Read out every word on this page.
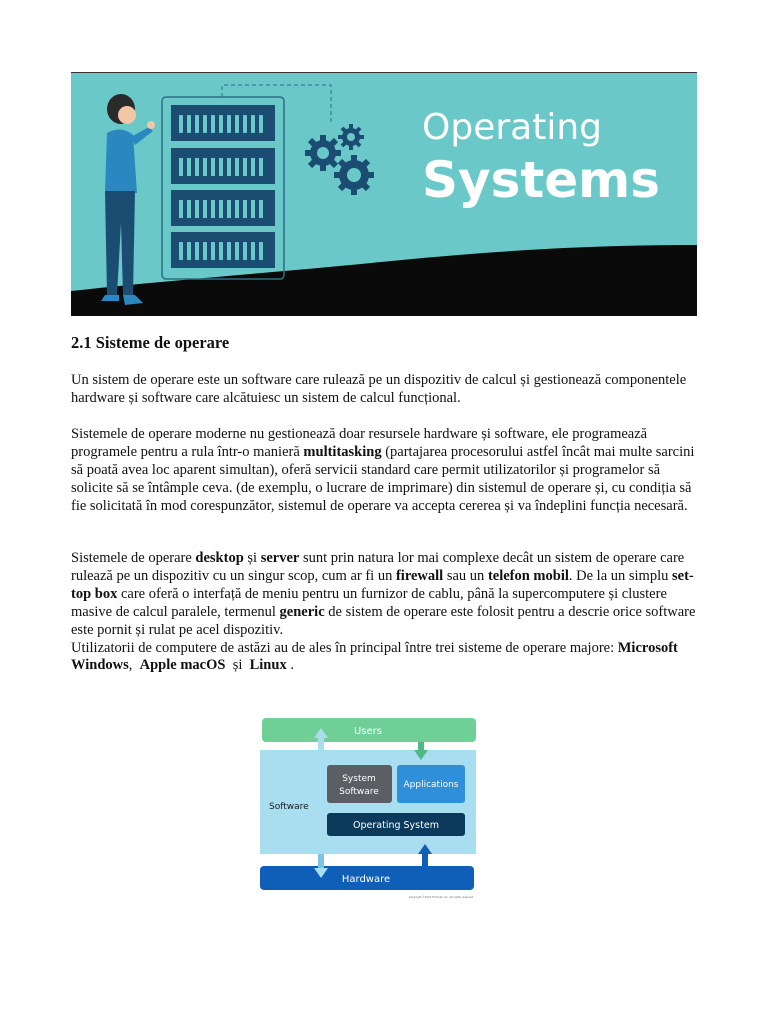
Operating
Systems
2.1 Sisteme de operare

Un sistem de operare este un software care rulează pe un dispozitiv de calcul și gestionează componentele hardware și software care alcătuiesc un sistem de calcul funcțional.

Sistemele de operare moderne nu gestionează doar resursele hardware și software, ele programează programele pentru a rula într-o manieră multitasking (partajarea procesorului astfel încât mai multe sarcini să poată avea loc aparent simultan), oferă servicii standard care permit utilizatorilor și programelor să solicite să se întâmple ceva. (de exemplu, o lucrare de imprimare) din sistemul de operare și, cu condiția să fie solicitată în mod corespunzător, sistemul de operare va accepta cererea și va îndeplini funcția necesară.

Sistemele de operare desktop și server sunt prin natura lor mai complexe decât un sistem de operare care rulează pe un dispozitiv cu un singur scop, cum ar fi un firewall sau un telefon mobil. De la un simplu set-top box care oferă o interfață de meniu pentru un furnizor de cablu, până la supercomputere și clustere masive de calcul paralele, termenul generic de sistem de operare este folosit pentru a descrie orice software este pornit și rulat pe acel dispozitiv.
Utilizatorii de computere de astăzi au de ales în principal între trei sisteme de operare majore: Microsoft Windows,  Apple macOS  și  Linux .

Users
Software
System
Software
Applications
Operating System
Hardware
Copyright ©2023 Fortinet, Inc. All rights reserved.
